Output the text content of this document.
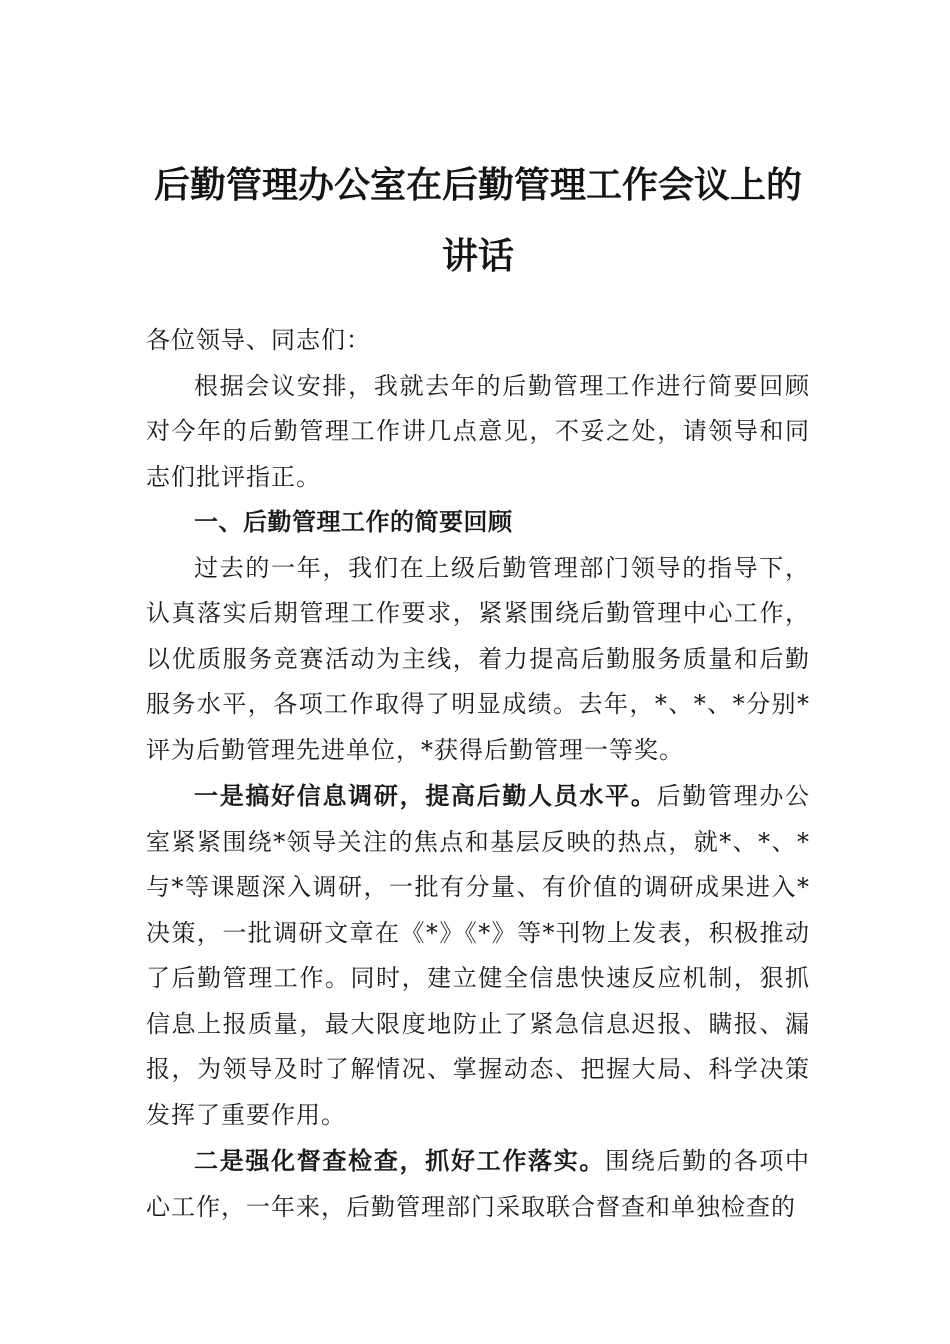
后勤管理办公室在后勤管理工作会议上的
讲话

各位领导、同志们：

根据会议安排，我就去年的后勤管理工作进行简要回顾对今年的后勤管理工作讲几点意见，不妥之处，请领导和同志们批评指正。

一、后勤管理工作的简要回顾

过去的一年，我们在上级后勤管理部门领导的指导下，认真落实后期管理工作要求，紧紧围绕后勤管理中心工作，以优质服务竞赛活动为主线，着力提高后勤服务质量和后勤服务水平，各项工作取得了明显成绩。去年，*、*、*分别*评为后勤管理先进单位，*获得后勤管理一等奖。

一是搞好信息调研，提高后勤人员水平。后勤管理办公室紧紧围绕*领导关注的焦点和基层反映的热点，就*、*、*与*等课题深入调研，一批有分量、有价值的调研成果进入*决策，一批调研文章在《*》《*》等*刊物上发表，积极推动了后勤管理工作。同时，建立健全信患快速反应机制，狠抓信息上报质量，最大限度地防止了紧急信息迟报、瞒报、漏报，为领导及时了解情况、掌握动态、把握大局、科学决策发挥了重要作用。

二是强化督查检查，抓好工作落实。围绕后勤的各项中心工作，一年来，后勤管理部门采取联合督查和单独检查的
